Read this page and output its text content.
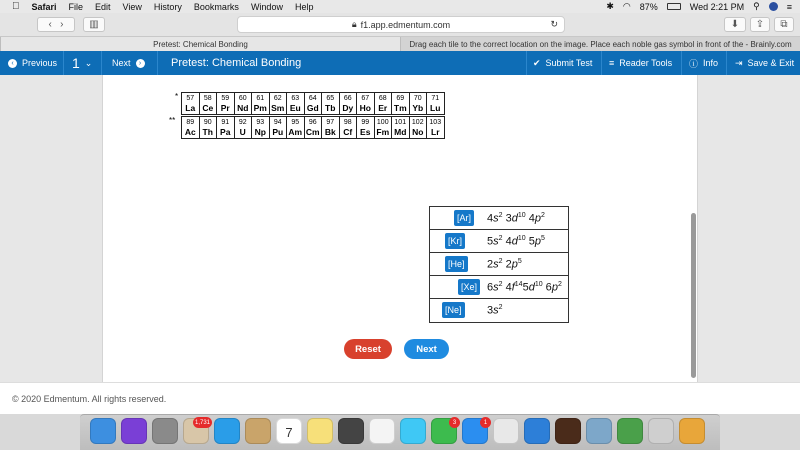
Safari File Edit View History Bookmarks Window Help	✱ ◠ 87%	Wed 2:21 PM ⚲	≡
‹
›	▥	🔒︎ f1.app.edmentum.com	↻	⬇ ⇪ ⧉
Pretest: Chemical Bonding	Drag each tile to the correct location on the image. Place each noble gas symbol in front of the - Brainly.com
‹ Previous 1 ⌄ Next	›	Pretest: Chemical Bonding	✔ Submit Test ≡ Reader Tools ⓘ Info ⇥ Save & Exit
*
**
57
La
	58
Ce
	59
Pr
	60
Nd
	61
Pm
	62
Sm
	63
Eu
	64
Gd
	65
Tb
	66
Dy
	67
Ho
	68
Er
	69
Tm
	70
Yb
	71
Lu
89
Ac
	90
Th
	91
Pa
	92
U
	93
Np
	94
Pu
	95
Am
	96
Cm
	97
Bk
	98
Cf
	99
Es
	100
Fm
	101
Md
	102
No
	103
Lr
[Ar] $4s^2$ $3d^{10}$ $4p^2$
[Kr] $5s^2$ $4d^{10}$ $5p^5$
[He] $2s^2$ $2p^5$
[Xe] $6s^2$ $4f^{14}5d^{10}$ $6p^2$
[Ne] $3s^2$
Reset	Next
© 2020 Edmentum. All rights reserved.
1,731
7
3	1
